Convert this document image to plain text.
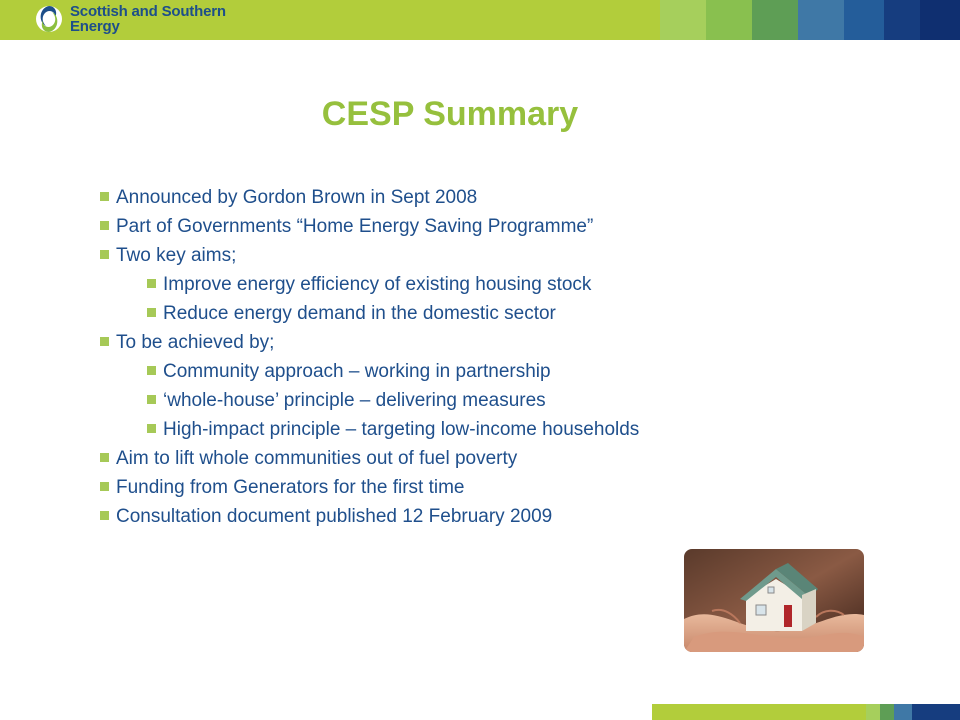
Scottish and Southern
Energy
CESP Summary
Announced by Gordon Brown in Sept 2008
Part of Governments “Home Energy Saving Programme”
Two key aims;
Improve energy efficiency of existing housing stock
Reduce energy demand in the domestic sector
To be achieved by;
Community approach – working in partnership
‘whole-house’ principle – delivering measures
High-impact principle – targeting low-income households
Aim to lift whole communities out of fuel poverty
Funding from Generators for the first time
Consultation document published 12 February 2009
